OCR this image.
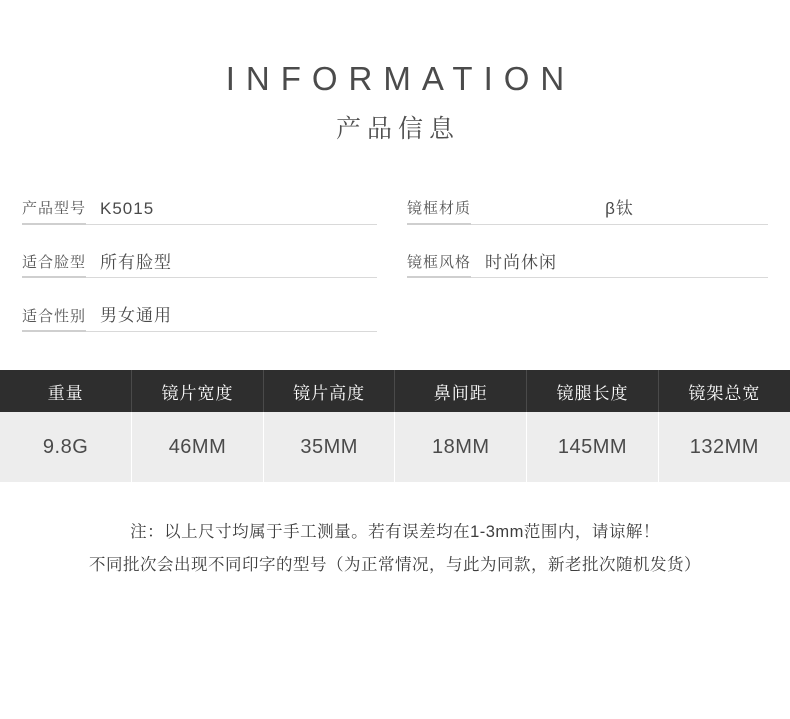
INFORMATION
产品信息
产品型号 K5015	镜框材质	β钛
适合脸型 所有脸型	镜框风格 时尚休闲
适合性别 男女通用
重量	镜片宽度	镜片高度	鼻间距	镜腿长度	镜架总宽
9.8G	46MM	35MM	18MM	145MM	132MM
注：以上尺寸均属于手工测量。若有误差均在1-3mm范围内，请谅解！
不同批次会出现不同印字的型号（为正常情况，与此为同款，新老批次随机发货）
